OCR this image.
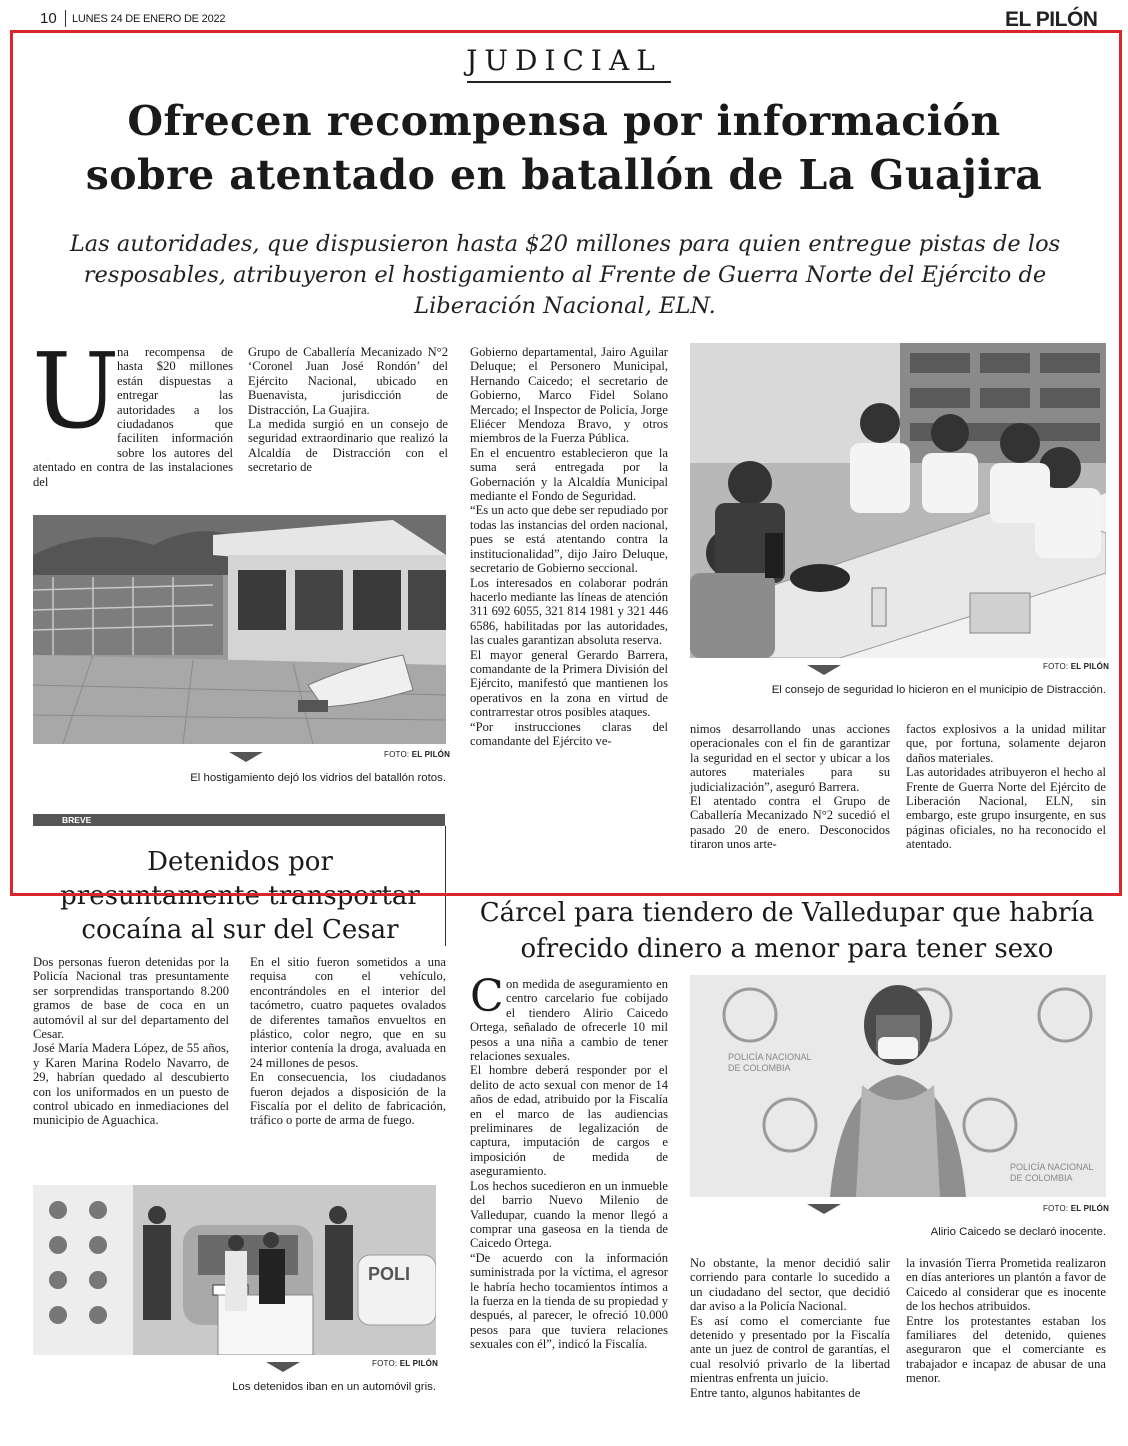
10 LUNES 24 DE ENERO DE 2022	EL PILÓN
JUDICIAL
Ofrecen recompensa por información
sobre atentado en batallón de La Guajira
Las autoridades, que dispusieron hasta $20 millones para quien entregue pistas de los resposables, atribuyeron el hostigamiento al Frente de Guerra Norte del Ejército de Liberación Nacional, ELN.
U

na recompensa de hasta $20 millones están dispuestas a entregar las autoridades a los ciudadanos que faciliten información sobre los autores del atentado en contra de las instalaciones del

Grupo de Caballería Mecanizado N°2 ‘Coronel Juan José Rondón’ del Ejército Nacional, ubicado en Buenavista, jurisdicción de Distracción, La Guajira.

La medida surgió en un consejo de seguridad extraordinario que realizó la Alcaldía de Distracción con el secretario de

FOTO: EL PILÓN
El hostigamiento dejó los vidrios del batallón rotos.

Gobierno departamental, Jairo Aguilar Deluque; el Personero Municipal, Hernando Caicedo; el secretario de Gobierno, Marco Fidel Solano Mercado; el Inspector de Policía, Jorge Eliécer Mendoza Bravo, y otros miembros de la Fuerza Pública.

En el encuentro establecieron que la suma será entregada por la Gobernación y la Alcaldía Municipal mediante el Fondo de Seguridad.

“Es un acto que debe ser repudiado por todas las instancias del orden nacional, pues se está atentando contra la institucionalidad”, dijo Jairo Deluque, secretario de Gobierno seccional.

Los interesados en colaborar podrán hacerlo mediante las líneas de atención 311 692 6055, 321 814 1981 y 321 446 6586, habilitadas por las autoridades, las cuales garantizan absoluta reserva.

El mayor general Gerardo Barrera, comandante de la Primera División del Ejército, manifestó que mantienen los operativos en la zona en virtud de contrarrestar otros posibles ataques.

“Por instrucciones claras del comandante del Ejército ve-

FOTO: EL PILÓN
El consejo de seguridad lo hicieron en el municipio de Distracción.

nimos desarrollando unas acciones operacionales con el fin de garantizar la seguridad en el sector y ubicar a los autores materiales para su judicialización”, aseguró Barrera.

El atentado contra el Grupo de Caballería Mecanizado N°2 sucedió el pasado 20 de enero. Desconocidos tiraron unos arte-

factos explosivos a la unidad militar que, por fortuna, solamente dejaron daños materiales.

Las autoridades atribuyeron el hecho al Frente de Guerra Norte del Ejército de Liberación Nacional, ELN, sin embargo, este grupo insurgente, en sus páginas oficiales, no ha reconocido el atentado.

BREVE
Detenidos por
presuntamente transportar
cocaína al sur del Cesar

Dos personas fueron detenidas por la Policía Nacional tras presuntamente ser sorprendidas transportando 8.200 gramos de base de coca en un automóvil al sur del departamento del Cesar.

José María Madera López, de 55 años, y Karen Marina Rodelo Navarro, de 29, habrían quedado al descubierto con los uniformados en un puesto de control ubicado en inmediaciones del municipio de Aguachica.

En el sitio fueron sometidos a una requisa con el vehículo, encontrándoles en el interior del tacómetro, cuatro paquetes ovalados de diferentes tamaños envueltos en plástico, color negro, que en su interior contenía la droga, avaluada en 24 millones de pesos.

En consecuencia, los ciudadanos fueron dejados a disposición de la Fiscalía por el delito de fabricación, tráfico o porte de arma de fuego.

POLI
FOTO: EL PILÓN
Los detenidos iban en un automóvil gris.
Cárcel para tiendero de Valledupar que habría
ofrecido dinero a menor para tener sexo
C on medida de aseguramiento en centro carcelario fue cobijado el tiendero Alirio Caicedo Ortega, señalado de ofrecerle 10 mil pesos a una niña a cambio de tener relaciones sexuales.

El hombre deberá responder por el delito de acto sexual con menor de 14 años de edad, atribuido por la Fiscalía en el marco de las audiencias preliminares de legalización de captura, imputación de cargos e imposición de medida de aseguramiento.

Los hechos sucedieron en un inmueble del barrio Nuevo Milenio de Valledupar, cuando la menor llegó a comprar una gaseosa en la tienda de Caicedo Ortega.

“De acuerdo con la información suministrada por la víctima, el agresor le habría hecho tocamientos íntimos a la fuerza en la tienda de su propiedad y después, al parecer, le ofreció 10.000 pesos para que tuviera relaciones sexuales con él”, indicó la Fiscalía.

POLICÍA NACIONAL
DE COLOMBIA
POLICÍA NACIONAL
DE COLOMBIA
FOTO: EL PILÓN
Alirio Caicedo se declaró inocente.

No obstante, la menor decidió salir corriendo para contarle lo sucedido a un ciudadano del sector, que decidió dar aviso a la Policía Nacional.

Es así como el comerciante fue detenido y presentado por la Fiscalía ante un juez de control de garantías, el cual resolvió privarlo de la libertad mientras enfrenta un juicio.

Entre tanto, algunos habitantes de

la invasión Tierra Prometida realizaron en días anteriores un plantón a favor de Caicedo al considerar que es inocente de los hechos atribuidos.

Entre los protestantes estaban los familiares del detenido, quienes aseguraron que el comerciante es trabajador e incapaz de abusar de una menor.
